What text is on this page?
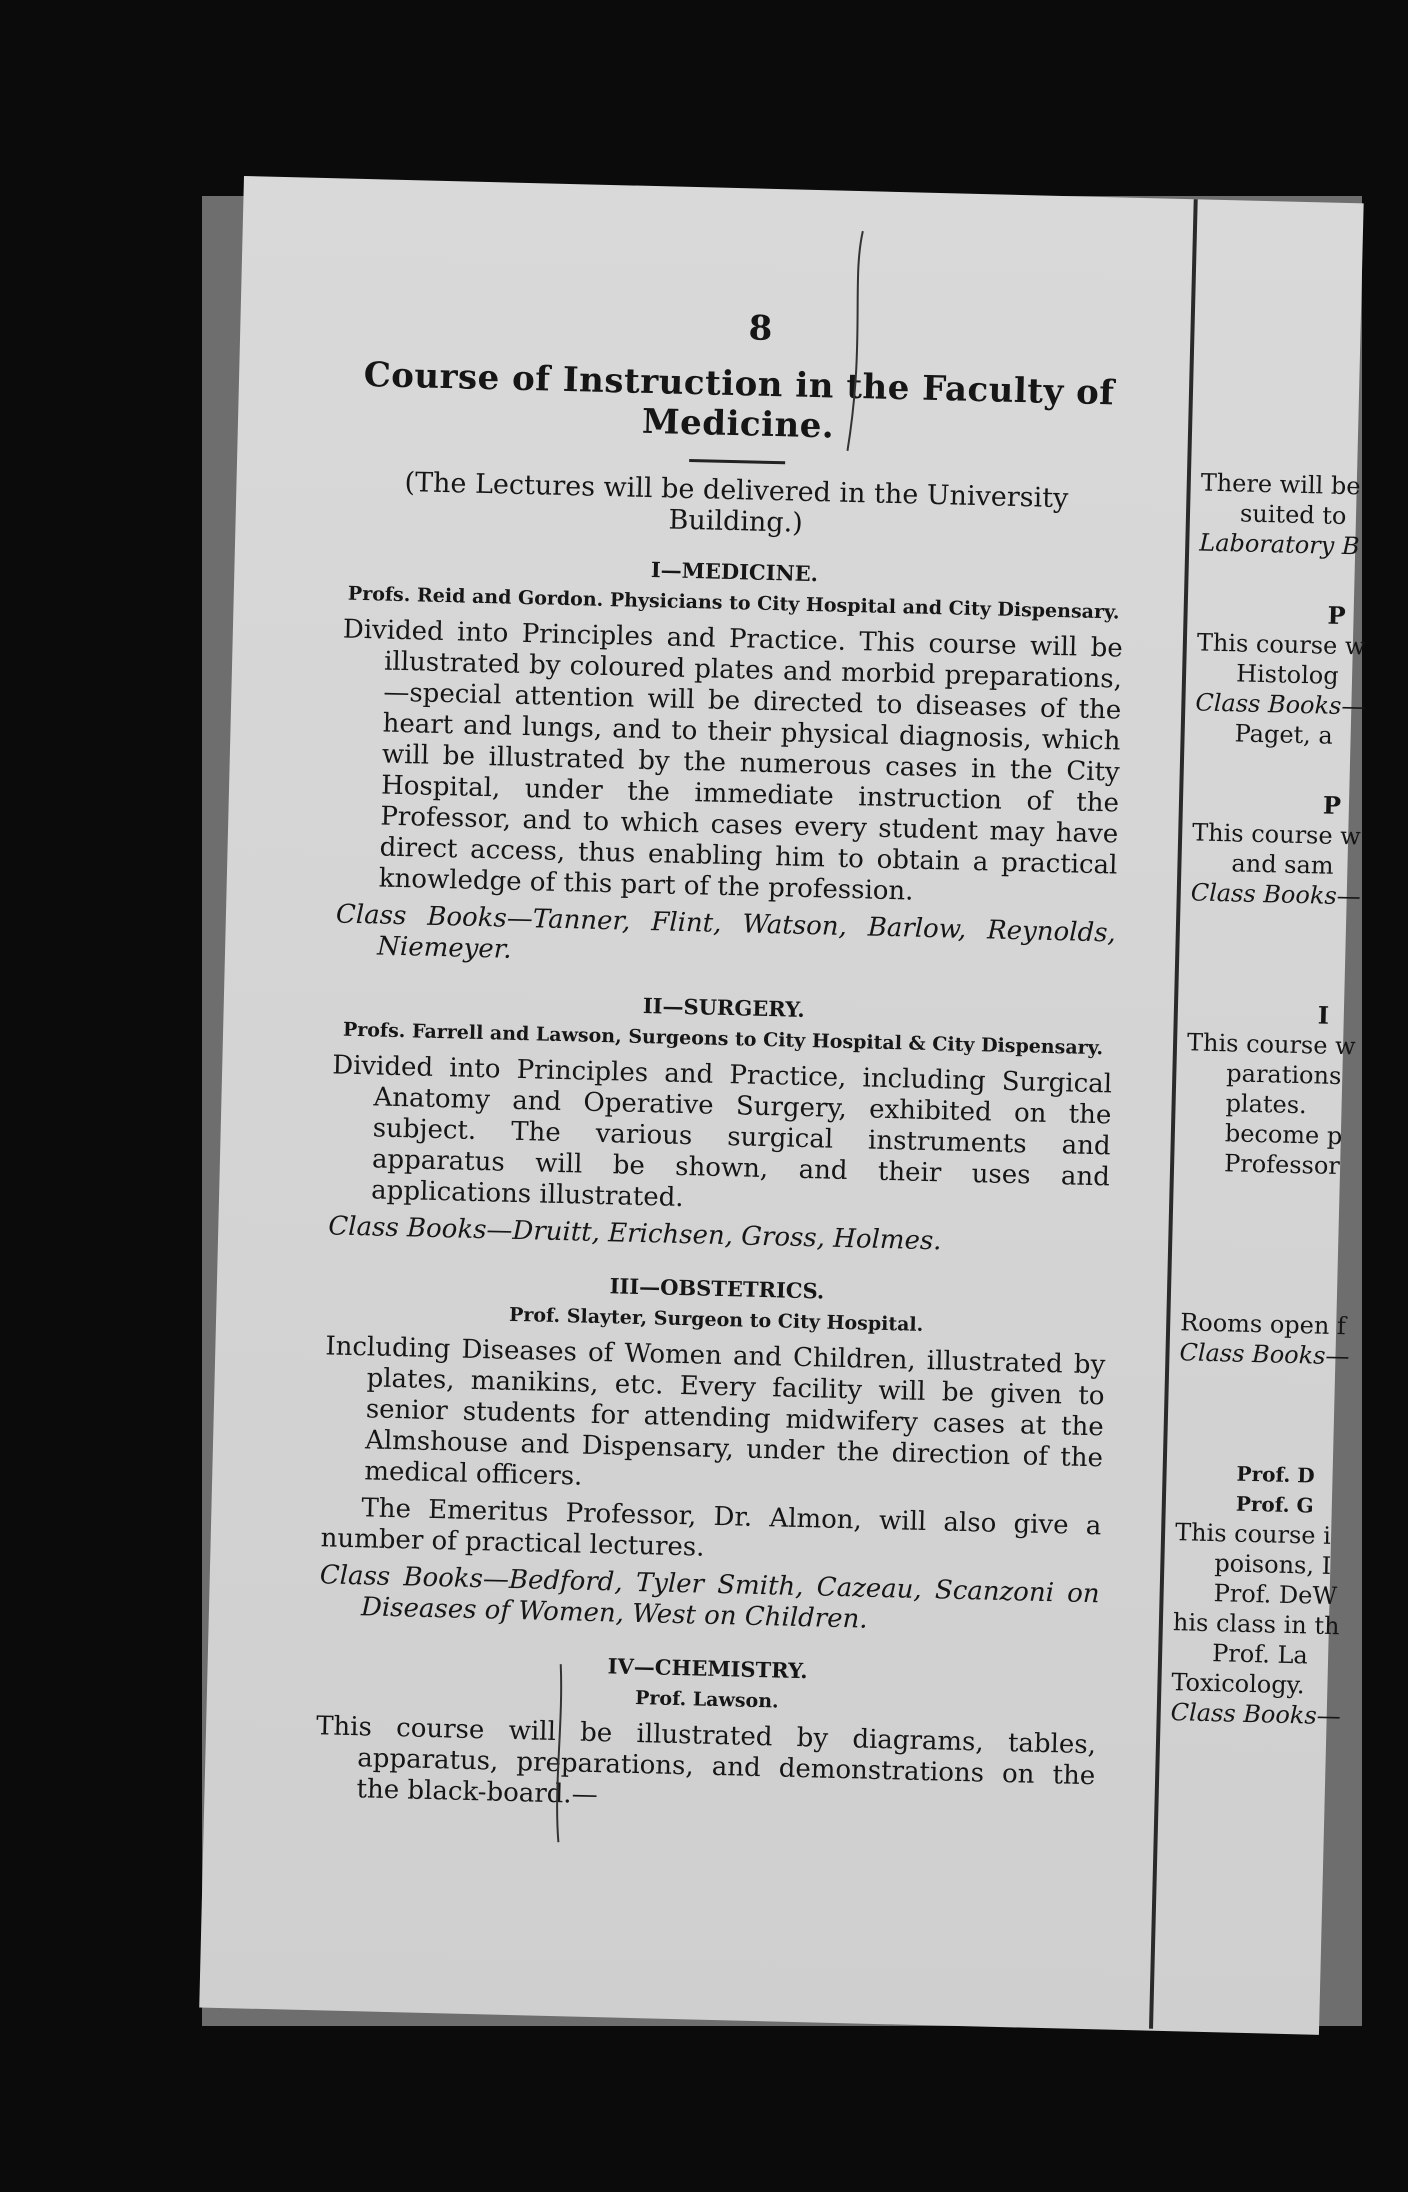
8
Course of Instruction in the Faculty of Medicine.
(The Lectures will be delivered in the University Building.)
I—MEDICINE.
Profs. Reid and Gordon. Physicians to City Hospital and City Dispensary.

Divided into Principles and Practice. This course will be illustrated by coloured plates and morbid preparations,—special attention will be directed to diseases of the heart and lungs, and to their physical diagnosis, which will be illustrated by the numerous cases in the City Hospital, under the immediate instruction of the Professor, and to which cases every student may have direct access, thus enabling him to obtain a practical knowledge of this part of the profession.

Class Books—Tanner, Flint, Watson, Barlow, Reynolds, Niemeyer.

II—SURGERY.
Profs. Farrell and Lawson, Surgeons to City Hospital & City Dispensary.

Divided into Principles and Practice, including Surgical Anatomy and Operative Surgery, exhibited on the subject. The various surgical instruments and apparatus will be shown, and their uses and applications illustrated.

Class Books—Druitt, Erichsen, Gross, Holmes.

III—OBSTETRICS.
Prof. Slayter, Surgeon to City Hospital.

Including Diseases of Women and Children, illustrated by plates, manikins, etc. Every facility will be given to senior students for attending midwifery cases at the Almshouse and Dispensary, under the direction of the medical officers.

The Emeritus Professor, Dr. Almon, will also give a number of practical lectures.

Class Books—Bedford, Tyler Smith, Cazeau, Scanzoni on Diseases of Women, West on Children.

IV—CHEMISTRY.
Prof. Lawson.

This course will be illustrated by diagrams, tables, apparatus, preparations, and demonstrations on the the black-board.—

There will be
suited to
Laboratory B
P
This course w
Histolog
Class Books—
Paget, a
P
This course w
and sam
Class Books—
I
This course w
parations
plates.
become p
Professor
Rooms open f
Class Books—
Prof. D
Prof. G
This course i
poisons, I
Prof. DeW
his class in th
Prof. La
Toxicology.
Class Books—
